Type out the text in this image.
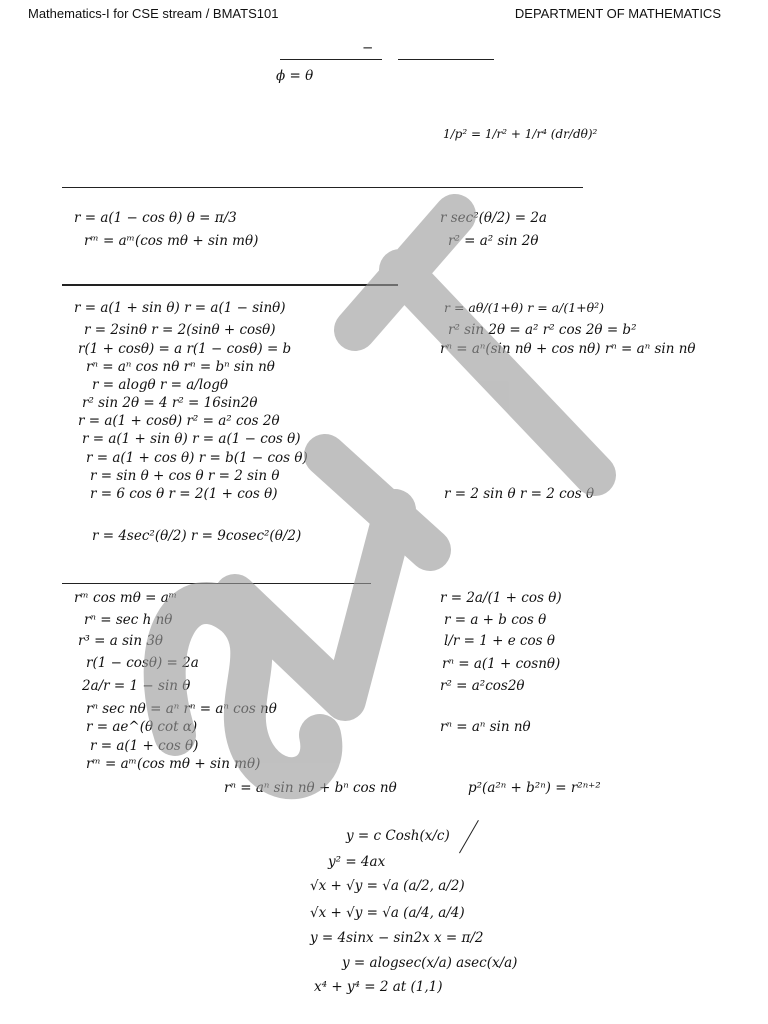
Mathematics-I for CSE stream / BMATS101	DEPARTMENT OF MATHEMATICS
−
ϕ = θ
1/p² = 1/r² + 1/r⁴ (dr/dθ)²
r = a(1 − cos θ) θ = π/3
rᵐ = aᵐ(cos mθ + sin mθ)
r sec²(θ/2) = 2a
r² = a² sin 2θ
r = a(1 + sin θ) r = a(1 − sinθ)
r = 2sinθ r = 2(sinθ + cosθ)
r(1 + cosθ) = a r(1 − cosθ) = b
rⁿ = aⁿ cos nθ rⁿ = bⁿ sin nθ
r = alogθ r = a/logθ
r² sin 2θ = 4 r² = 16sin2θ
r = a(1 + cosθ) r² = a² cos 2θ
r = a(1 + sin θ) r = a(1 − cos θ)
r = a(1 + cos θ) r = b(1 − cos θ)
r = sin θ + cos θ r = 2 sin θ
r = 6 cos θ r = 2(1 + cos θ)
r = 4sec²(θ/2) r = 9cosec²(θ/2)
r = aθ/(1+θ) r = a/(1+θ²)
r² sin 2θ = a² r² cos 2θ = b²
rⁿ = aⁿ(sin nθ + cos nθ) rⁿ = aⁿ sin nθ
r = 2 sin θ r = 2 cos θ
rᵐ cos mθ = aᵐ
rⁿ = sec h nθ
r³ = a sin 3θ
r(1 − cosθ) = 2a
2a/r = 1 − sin θ
rⁿ sec nθ = aⁿ rⁿ = aⁿ cos nθ
r = ae^(θ cot α)
r = a(1 + cos θ)
rᵐ = aᵐ(cos mθ + sin mθ)
r = 2a/(1 + cos θ)
r = a + b cos θ
l/r = 1 + e cos θ
rⁿ = a(1 + cosnθ)
r² = a²cos2θ
rⁿ = aⁿ sin nθ
rⁿ = aⁿ sin nθ + bⁿ cos nθ	p²(a²ⁿ + b²ⁿ) = r²ⁿ⁺²
y = c Cosh(x/c)
y² = 4ax
√x + √y = √a (a/2, a/2)
√x + √y = √a (a/4, a/4)
y = 4sinx − sin2x x = π/2
y = alogsec(x/a) asec(x/a)
x⁴ + y⁴ = 2 at (1,1)
